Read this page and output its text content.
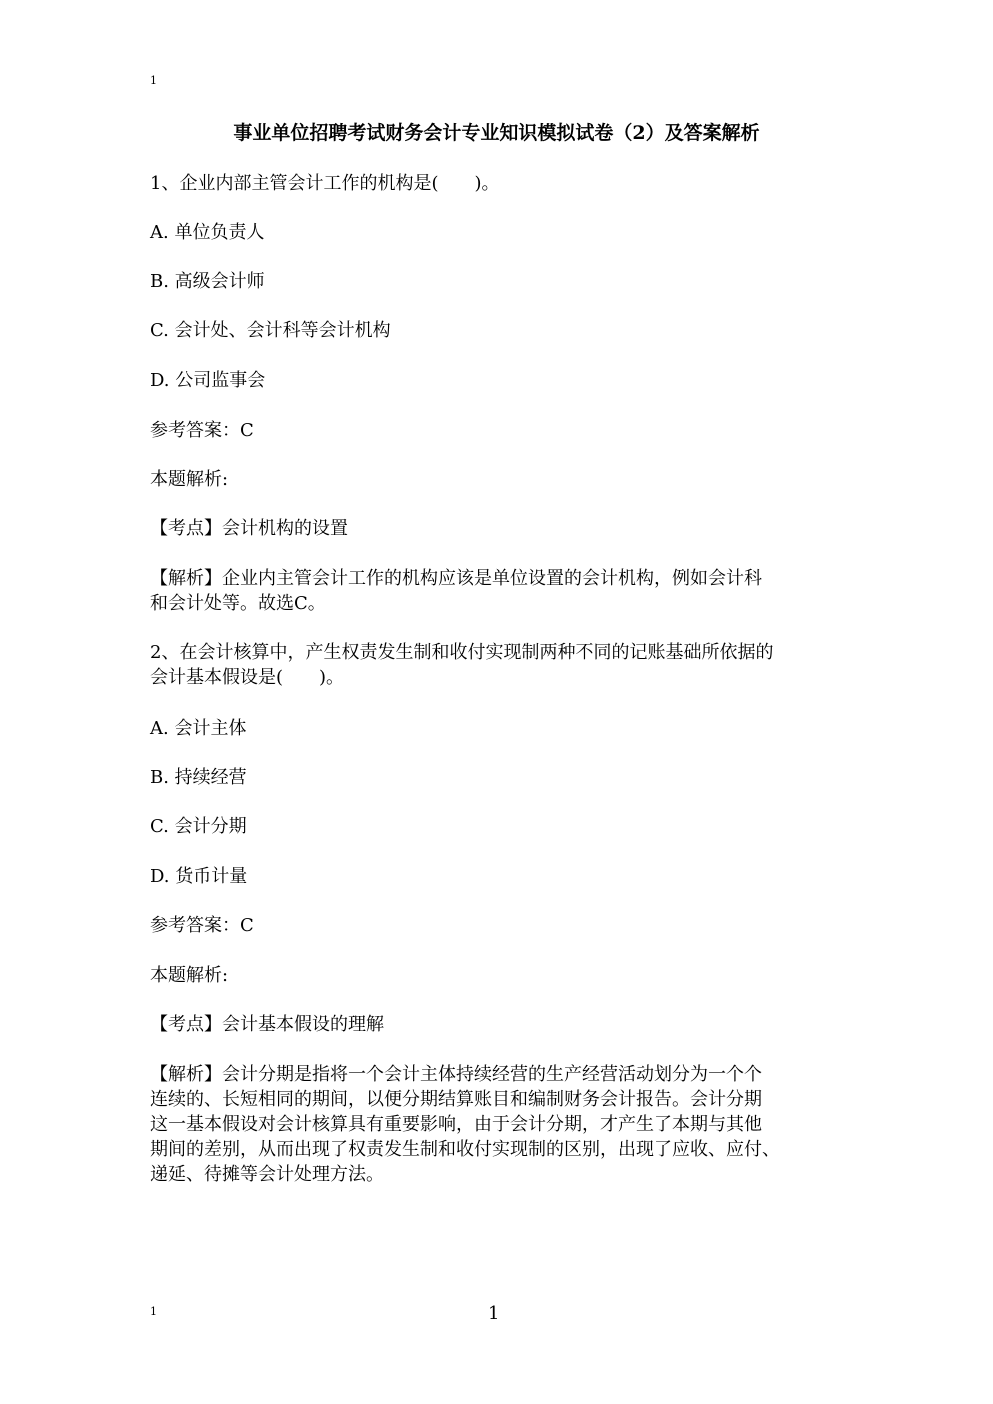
1
事业单位招聘考试财务会计专业知识模拟试卷（2）及答案解析
1、企业内部主管会计工作的机构是(　　)。
A. 单位负责人
B. 高级会计师
C. 会计处、会计科等会计机构
D. 公司监事会
参考答案：C
本题解析:
【考点】会计机构的设置
【解析】企业内主管会计工作的机构应该是单位设置的会计机构，例如会计科
和会计处等。故选C。
2、在会计核算中，产生权责发生制和收付实现制两种不同的记账基础所依据的
会计基本假设是(　　)。
A. 会计主体
B. 持续经营
C. 会计分期
D. 货币计量
参考答案：C
本题解析:
【考点】会计基本假设的理解
【解析】会计分期是指将一个会计主体持续经营的生产经营活动划分为一个个
连续的、长短相同的期间，以便分期结算账目和编制财务会计报告。会计分期
这一基本假设对会计核算具有重要影响，由于会计分期，才产生了本期与其他
期间的差别，从而出现了权责发生制和收付实现制的区别，出现了应收、应付、
递延、待摊等会计处理方法。
1	1
